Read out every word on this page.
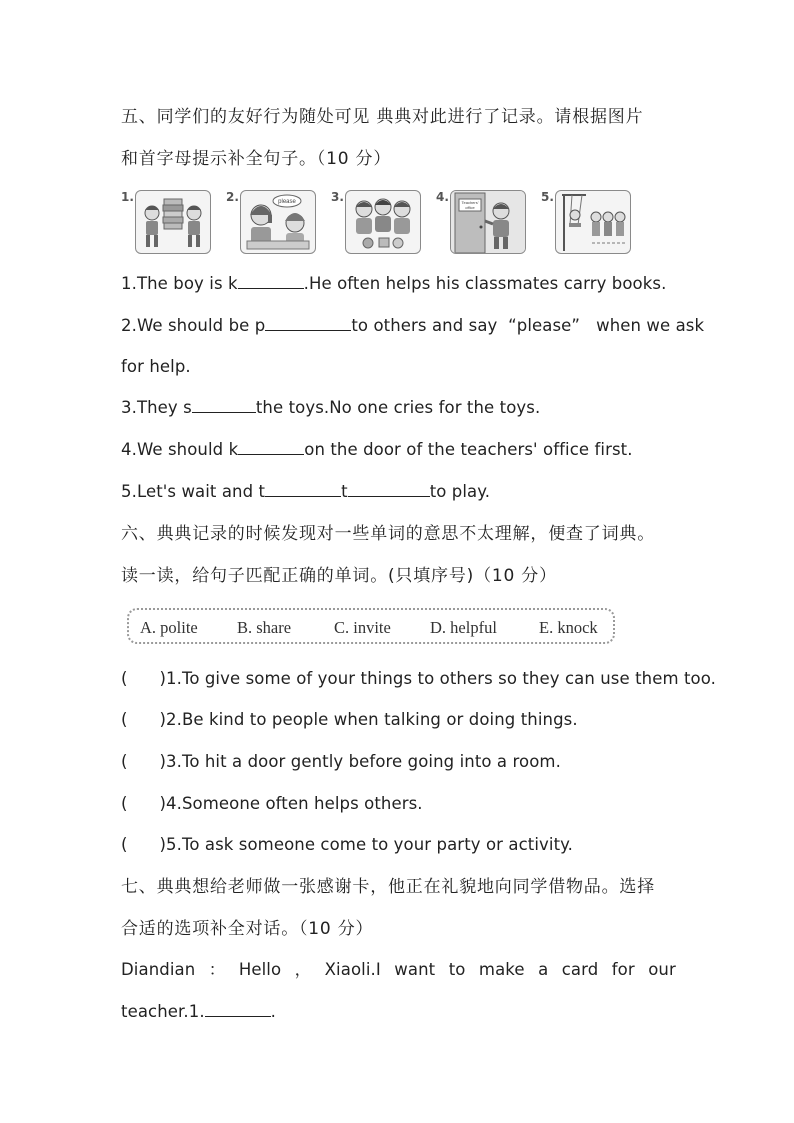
五、同学们的友好行为随处可见 典典对此进行了记录。请根据图片
和首字母提示补全句子。（10 分）
1.	2.	please	3.	4.	Teachers'
office
5.
1.The boy is k	.He often helps his classmates carry books.
2.We should be p	to others and say  “please”   when we ask
for help.
3.They s	the toys.No one cries for the toys.
4.We should k	on the door of the teachers' office first.
5.Let's wait and t	t	to play.
六、典典记录的时候发现对一些单词的意思不太理解，便查了词典。
读一读，给句子匹配正确的单词。(只填序号)（10 分）
A. polite B. share	C. invite D. helpful	E. knock
( )1.To give some of your things to others so they can use them too.
( )2.Be kind to people when talking or doing things.
( )3.To hit a door gently before going into a room.
( )4.Someone often helps others.
( )5.To ask someone come to your party or activity.
七、典典想给老师做一张感谢卡，他正在礼貌地向同学借物品。选择
合适的选项补全对话。（10 分）
Diandian ： Hello ， Xiaoli.I want to make a card for our
teacher.1.	.
